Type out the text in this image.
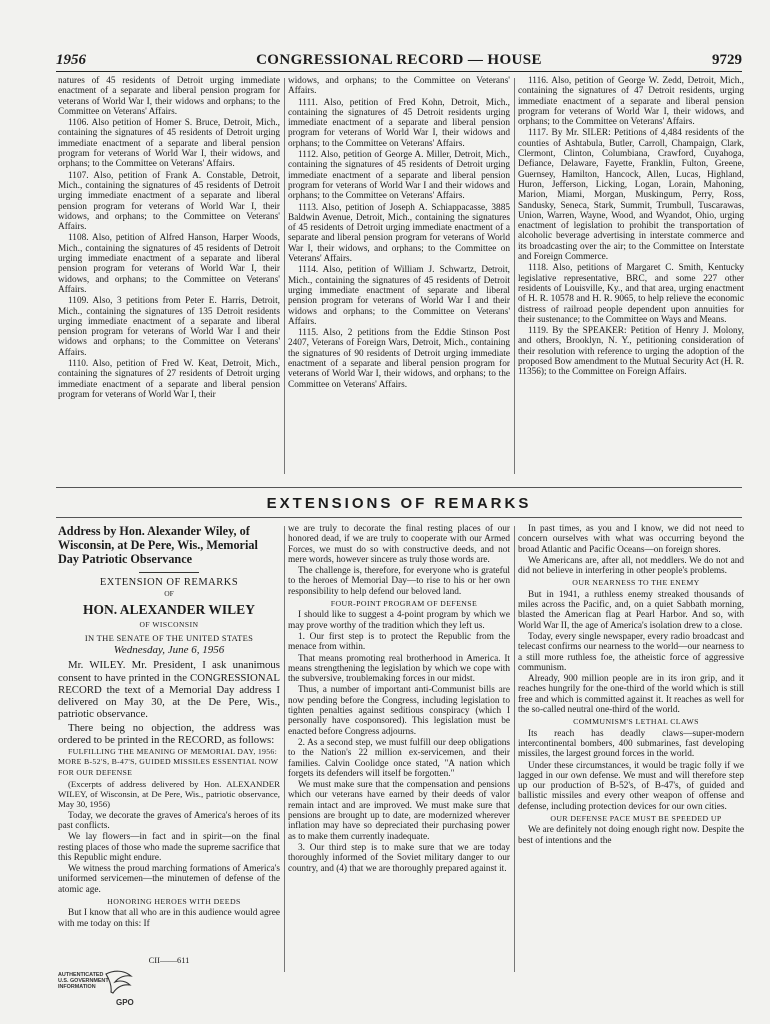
1956	CONGRESSIONAL RECORD — HOUSE	9729

natures of 45 residents of Detroit urging immediate enactment of a separate and liberal pension program for veterans of World War I, their widows and orphans; to the Committee on Veterans' Affairs.

1106. Also petition of Homer S. Bruce, Detroit, Mich., containing the signatures of 45 residents of Detroit urging immediate enactment of a separate and liberal pension program for veterans of World War I, their widows, and orphans; to the Committee on Veterans' Affairs.

1107. Also, petition of Frank A. Constable, Detroit, Mich., containing the signatures of 45 residents of Detroit urging immediate enactment of a separate and liberal pension program for veterans of World War I, their widows, and orphans; to the Committee on Veterans' Affairs.

1108. Also, petition of Alfred Hanson, Harper Woods, Mich., containing the signatures of 45 residents of Detroit urging immediate enactment of a separate and liberal pension program for veterans of World War I, their widows, and orphans; to the Committee on Veterans' Affairs.

1109. Also, 3 petitions from Peter E. Harris, Detroit, Mich., containing the signatures of 135 Detroit residents urging immediate enactment of a separate and liberal pension program for veterans of World War I and their widows and orphans; to the Committee on Veterans' Affairs.

1110. Also, petition of Fred W. Keat, Detroit, Mich., containing the signatures of 27 residents of Detroit urging immediate enactment of a separate and liberal pension program for veterans of World War I, their

widows, and orphans; to the Committee on Veterans' Affairs.

1111. Also, petition of Fred Kohn, Detroit, Mich., containing the signatures of 45 Detroit residents urging immediate enactment of a separate and liberal pension program for veterans of World War I, their widows and orphans; to the Committee on Veterans' Affairs.

1112. Also, petition of George A. Miller, Detroit, Mich., containing the signatures of 45 residents of Detroit urging immediate enactment of a separate and liberal pension program for veterans of World War I and their widows and orphans; to the Committee on Veterans' Affairs.

1113. Also, petition of Joseph A. Schiappacasse, 3885 Baldwin Avenue, Detroit, Mich., containing the signatures of 45 residents of Detroit urging immediate enactment of a separate and liberal pension program for veterans of World War I, their widows, and orphans; to the Committee on Veterans' Affairs.

1114. Also, petition of William J. Schwartz, Detroit, Mich., containing the signatures of 45 residents of Detroit urging immediate enactment of separate and liberal pension program for veterans of World War I and their widows and orphans; to the Committee on Veterans' Affairs.

1115. Also, 2 petitions from the Eddie Stinson Post 2407, Veterans of Foreign Wars, Detroit, Mich., containing the signatures of 90 residents of Detroit urging immediate enactment of a separate and liberal pension program for veterans of World War I, their widows, and orphans; to the Committee on Veterans' Affairs.

1116. Also, petition of George W. Zedd, Detroit, Mich., containing the signatures of 47 Detroit residents, urging immediate enactment of a separate and liberal pension program for veterans of World War I, their widows, and orphans; to the Committee on Veterans' Affairs.

1117. By Mr. SILER: Petitions of 4,484 residents of the counties of Ashtabula, Butler, Carroll, Champaign, Clark, Clermont, Clinton, Columbiana, Crawford, Cuyahoga, Defiance, Delaware, Fayette, Franklin, Fulton, Greene, Guernsey, Hamilton, Hancock, Allen, Lucas, Highland, Huron, Jefferson, Licking, Logan, Lorain, Mahoning, Marion, Miami, Morgan, Muskingum, Perry, Ross, Sandusky, Seneca, Stark, Summit, Trumbull, Tuscarawas, Union, Warren, Wayne, Wood, and Wyandot, Ohio, urging enactment of legislation to prohibit the transportation of alcoholic beverage advertising in interstate commerce and its broadcasting over the air; to the Committee on Interstate and Foreign Commerce.

1118. Also, petitions of Margaret C. Smith, Kentucky legislative representative, BRC, and some 227 other residents of Louisville, Ky., and that area, urging enactment of H. R. 10578 and H. R. 9065, to help relieve the economic distress of railroad people dependent upon annuities for their sustenance; to the Committee on Ways and Means.

1119. By the SPEAKER: Petition of Henry J. Molony, and others, Brooklyn, N. Y., petitioning consideration of their resolution with reference to urging the adoption of the proposed Bow amendment to the Mutual Security Act (H. R. 11356); to the Committee on Foreign Affairs.

EXTENSIONS OF REMARKS
Address by Hon. Alexander Wiley, of Wisconsin, at De Pere, Wis., Memorial Day Patriotic Observance
EXTENSION OF REMARKS
OF
HON. ALEXANDER WILEY
OF WISCONSIN
IN THE SENATE OF THE UNITED STATES
Wednesday, June 6, 1956

Mr. WILEY. Mr. President, I ask unanimous consent to have printed in the CONGRESSIONAL RECORD the text of a Memorial Day address I delivered on May 30, at the De Pere, Wis., patriotic observance.

There being no objection, the address was ordered to be printed in the RECORD, as follows:

FULFILLING THE MEANING OF MEMORIAL DAY, 1956: MORE B-52'S, B-47'S, GUIDED MISSILES ESSENTIAL NOW FOR OUR DEFENSE

(Excerpts of address delivered by Hon. ALEXANDER WILEY, of Wisconsin, at De Pere, Wis., patriotic observance, May 30, 1956)

Today, we decorate the graves of America's heroes of its past conflicts.

We lay flowers—in fact and in spirit—on the final resting places of those who made the supreme sacrifice that this Republic might endure.

We witness the proud marching formations of America's uniformed servicemen—the minutemen of defense of the atomic age.

HONORING HEROES WITH DEEDS

But I know that all who are in this audience would agree with me today on this: If

CII——611
AUTHENTICATED
U.S. GOVERNMENT
INFORMATION
GPO

we are truly to decorate the final resting places of our honored dead, if we are truly to cooperate with our Armed Forces, we must do so with constructive deeds, and not mere words, however sincere as truly those words are.

The challenge is, therefore, for everyone who is grateful to the heroes of Memorial Day—to rise to his or her own responsibility to help defend our beloved land.

FOUR-POINT PROGRAM OF DEFENSE

I should like to suggest a 4-point program by which we may prove worthy of the tradition which they left us.

1. Our first step is to protect the Republic from the menace from within.

That means promoting real brotherhood in America. It means strengthening the legislation by which we cope with the subversive, troublemaking forces in our midst.

Thus, a number of important anti-Communist bills are now pending before the Congress, including legislation to tighten penalties against seditious conspiracy (which I personally have cosponsored). This legislation must be enacted before Congress adjourns.

2. As a second step, we must fulfill our deep obligations to the Nation's 22 million ex-servicemen, and their families. Calvin Coolidge once stated, "A nation which forgets its defenders will itself be forgotten."

We must make sure that the compensation and pensions which our veterans have earned by their deeds of valor remain intact and are improved. We must make sure that pensions are brought up to date, are modernized wherever inflation may have so depreciated their purchasing power as to make them currently inadequate.

3. Our third step is to make sure that we are today thoroughly informed of the Soviet military danger to our country, and (4) that we are thoroughly prepared against it.

In past times, as you and I know, we did not need to concern ourselves with what was occurring beyond the broad Atlantic and Pacific Oceans—on foreign shores.

We Americans are, after all, not meddlers. We do not and did not believe in interfering in other people's problems.

OUR NEARNESS TO THE ENEMY

But in 1941, a ruthless enemy streaked thousands of miles across the Pacific, and, on a quiet Sabbath morning, blasted the American flag at Pearl Harbor. And so, with World War II, the age of America's isolation drew to a close.

Today, every single newspaper, every radio broadcast and telecast confirms our nearness to the world—our nearness to a still more ruthless foe, the atheistic force of aggressive communism.

Already, 900 million people are in its iron grip, and it reaches hungrily for the one-third of the world which is still free and which is committed against it. It reaches as well for the so-called neutral one-third of the world.

COMMUNISM'S LETHAL CLAWS

Its reach has deadly claws—super-modern intercontinental bombers, 400 submarines, fast developing missiles, the largest ground forces in the world.

Under these circumstances, it would be tragic folly if we lagged in our own defense. We must and will therefore step up our production of B-52's, of B-47's, of guided and ballistic missiles and every other weapon of offense and defense, including protection devices for our own cities.

OUR DEFENSE PACE MUST BE SPEEDED UP

We are definitely not doing enough right now. Despite the best of intentions and the
